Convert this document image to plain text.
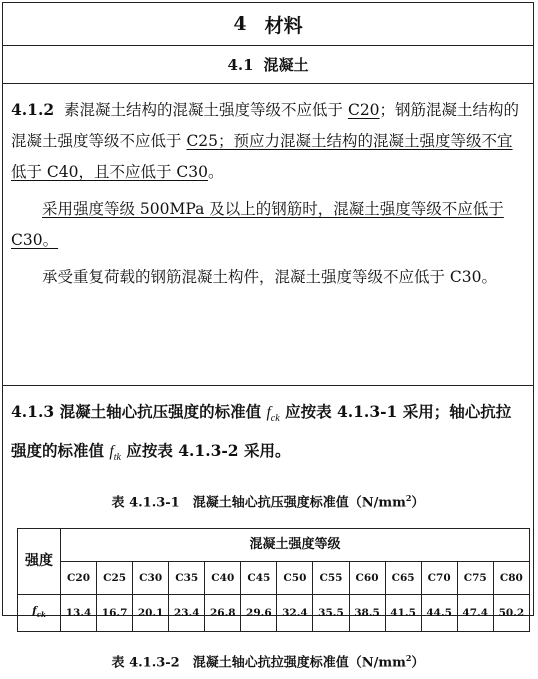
4 材料
4.1 混凝土

4.1.2 素混凝土结构的混凝土强度等级不应低于 C20；钢筋混凝土结构的混凝土强度等级不应低于 C25；预应力混凝土结构的混凝土强度等级不宜低于 C40，且不应低于 C30。

采用强度等级 500MPa 及以上的钢筋时，混凝土强度等级不应低于 C30。

承受重复荷载的钢筋混凝土构件，混凝土强度等级不应低于 C30。

4.1.3 混凝土轴心抗压强度的标准值 $f_{ck}$ 应按表 4.1.3-1 采用；轴心抗拉强度的标准值 $f_{tk}$ 应按表 4.1.3-2 采用。

表 4.1.3-1　混凝土轴心抗压强度标准值$(N/mm^2)$
强度	混凝土强度等级												
	C20	C25	C30	C35	C40	C45	C50	C55	C60	C65	C70	C75	C80
$f_{ck}$	13.4	16.7	20.1	23.4	26.8	29.6	32.4	35.5	38.5	41.5	44.5	47.4	50.2
表 4.1.3-2　混凝土轴心抗拉强度标准值$(N/mm^2)$
